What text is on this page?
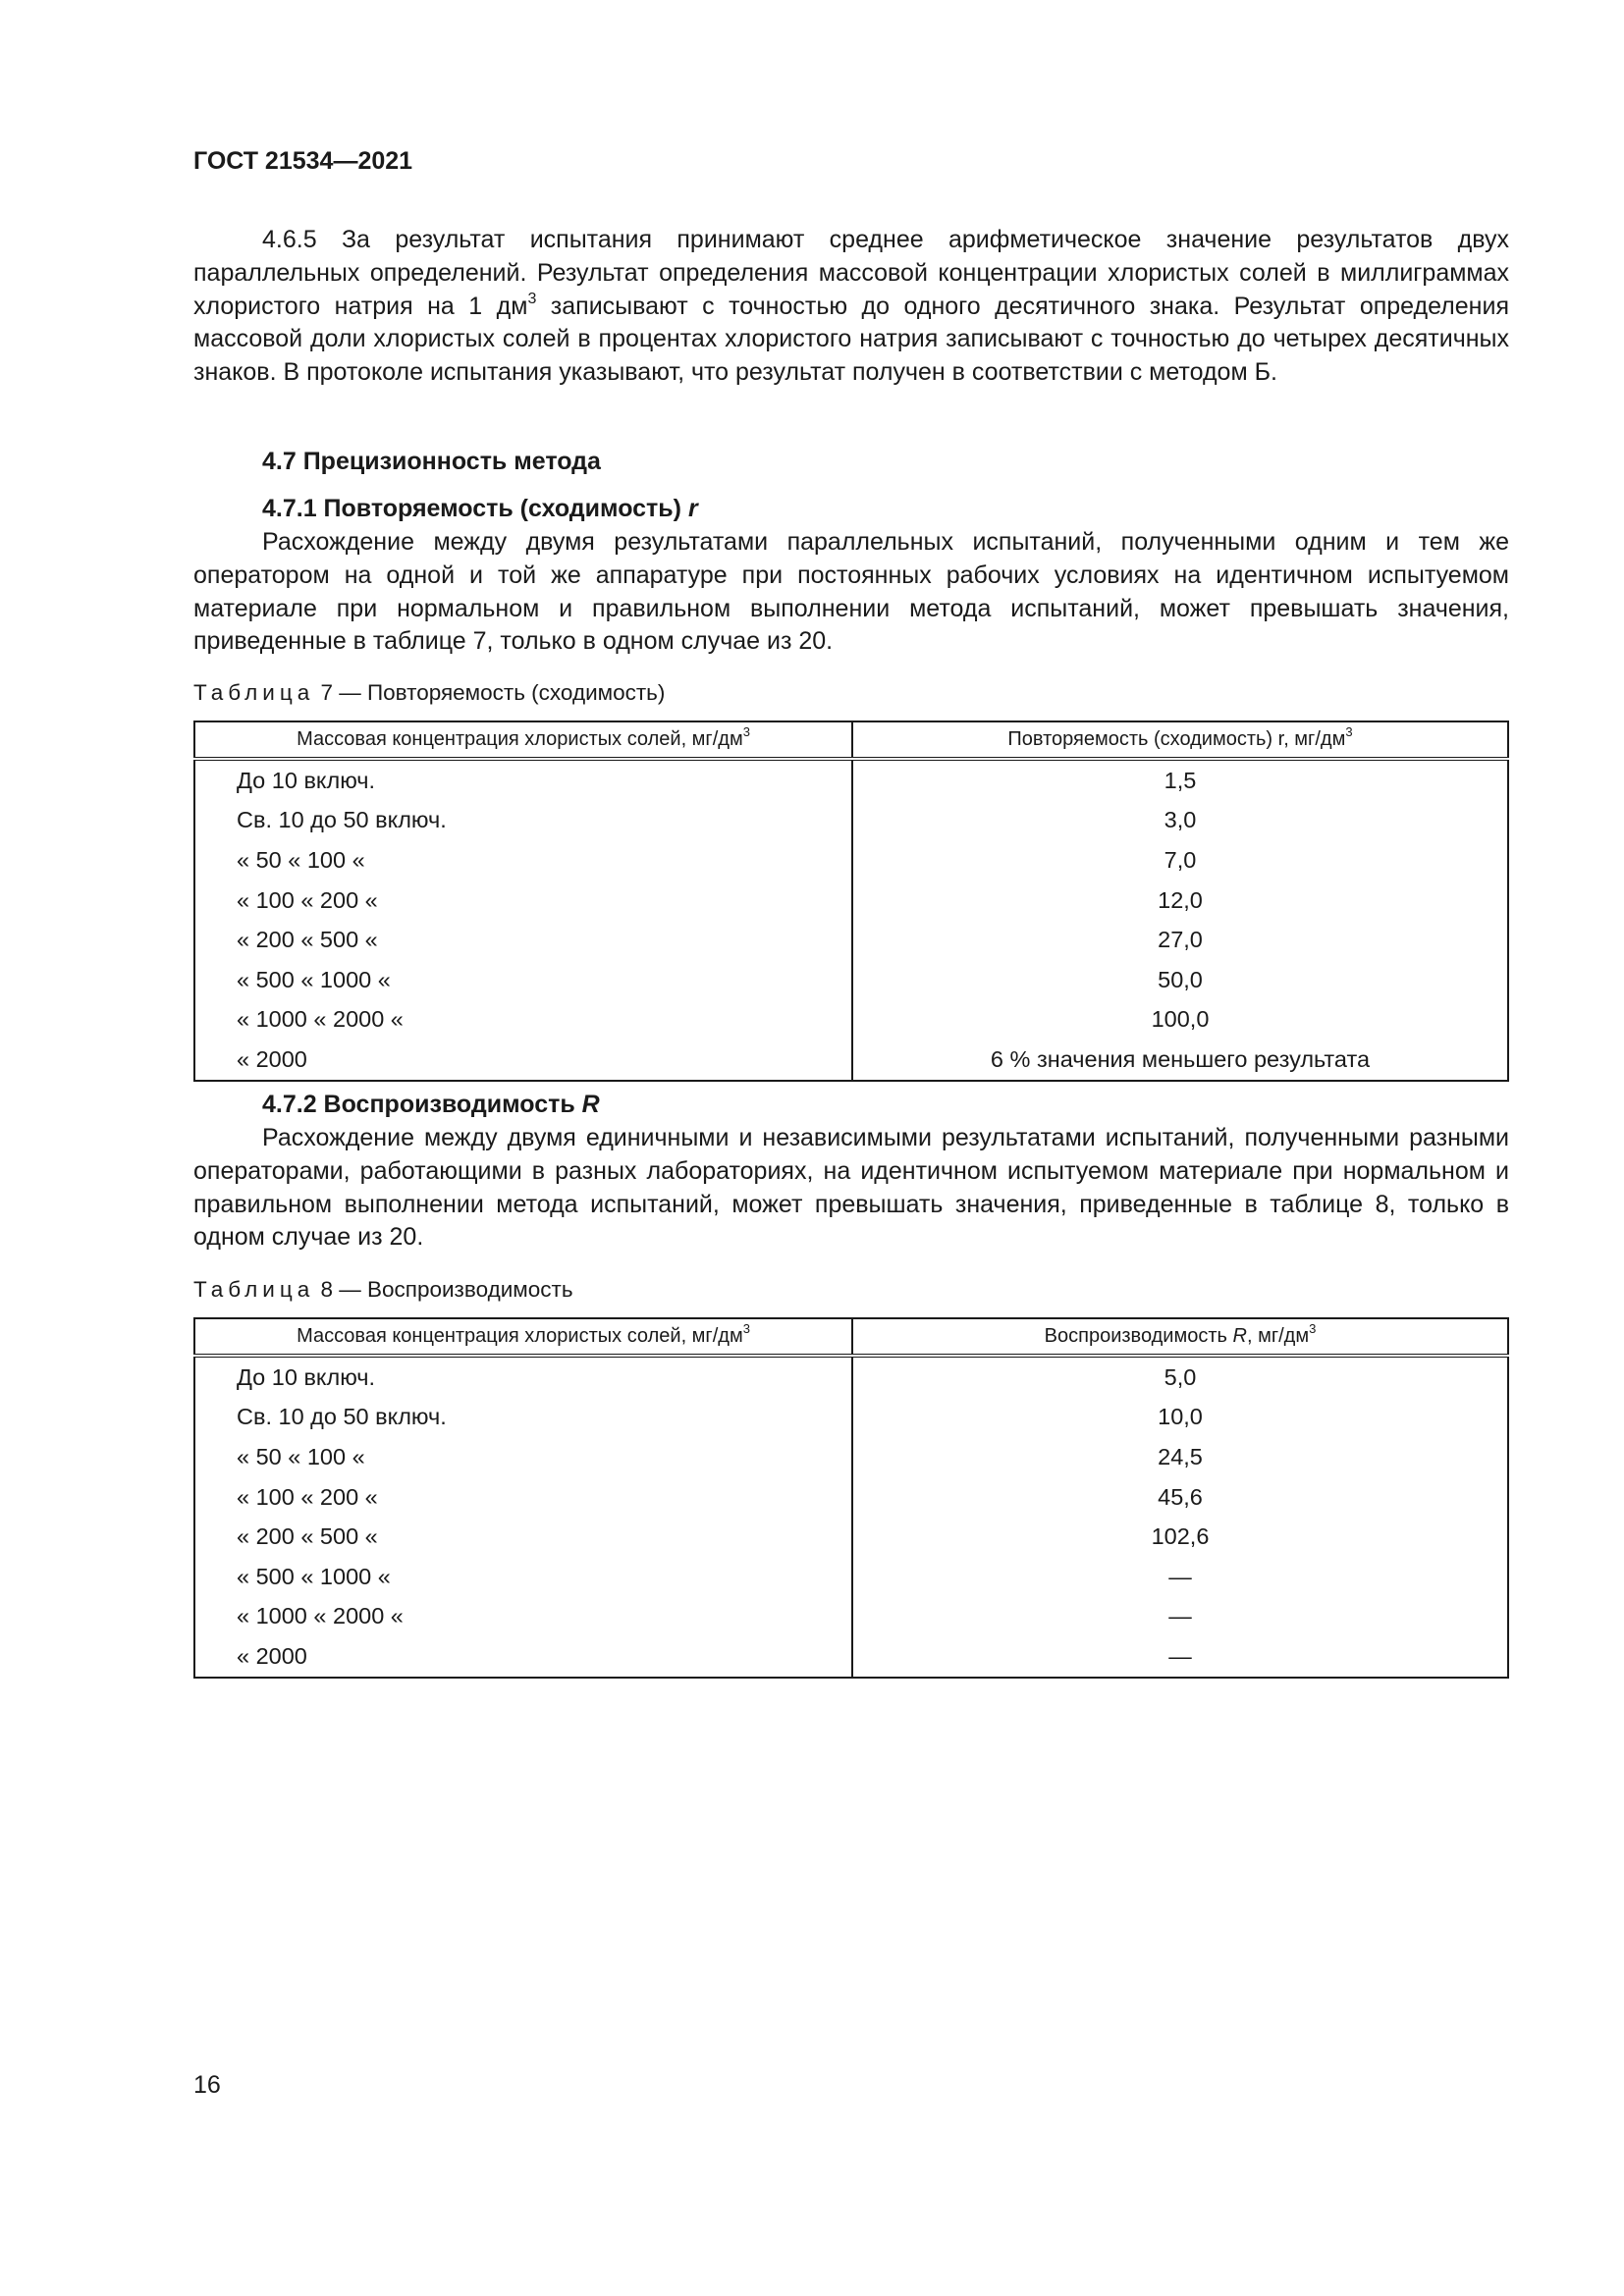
ГОСТ 21534—2021
4.6.5 За результат испытания принимают среднее арифметическое значение результатов двух параллельных определений. Результат определения массовой концентрации хлористых солей в миллиграммах хлористого натрия на 1 $дм^3$ записывают с точностью до одного десятичного знака. Результат определения массовой доли хлористых солей в процентах хлористого натрия записывают с точностью до четырех десятичных знаков. В протоколе испытания указывают, что результат получен в соответствии с методом Б.
4.7 Прецизионность метода
4.7.1 Повторяемость (сходимость) r
Расхождение между двумя результатами параллельных испытаний, полученными одним и тем же оператором на одной и той же аппаратуре при постоянных рабочих условиях на идентичном испытуемом материале при нормальном и правильном выполнении метода испытаний, может превышать значения, приведенные в таблице 7, только в одном случае из 20.
Таблица 7 — Повторяемость (сходимость)
Массовая концентрация хлористых солей, $мг/дм^3$	Повторяемость (сходимость) r, $мг/дм^3$
До 10 включ.	1,5
Св. 10 до 50 включ.	3,0
« 50 « 100 «	7,0
« 100 « 200 «	12,0
« 200 « 500 «	27,0
« 500 « 1000 «	50,0
« 1000 « 2000 «	100,0
« 2000	6 % значения меньшего результата
4.7.2 Воспроизводимость R
Расхождение между двумя единичными и независимыми результатами испытаний, полученными разными операторами, работающими в разных лабораториях, на идентичном испытуемом материале при нормальном и правильном выполнении метода испытаний, может превышать значения, приведенные в таблице 8, только в одном случае из 20.
Таблица 8 — Воспроизводимость
Массовая концентрация хлористых солей, $мг/дм^3$	Воспроизводимость R, $мг/дм^3$
До 10 включ.	5,0
Св. 10 до 50 включ.	10,0
« 50 « 100 «	24,5
« 100 « 200 «	45,6
« 200 « 500 «	102,6
« 500 « 1000 «	—
« 1000 « 2000 «	—
« 2000	—
16
